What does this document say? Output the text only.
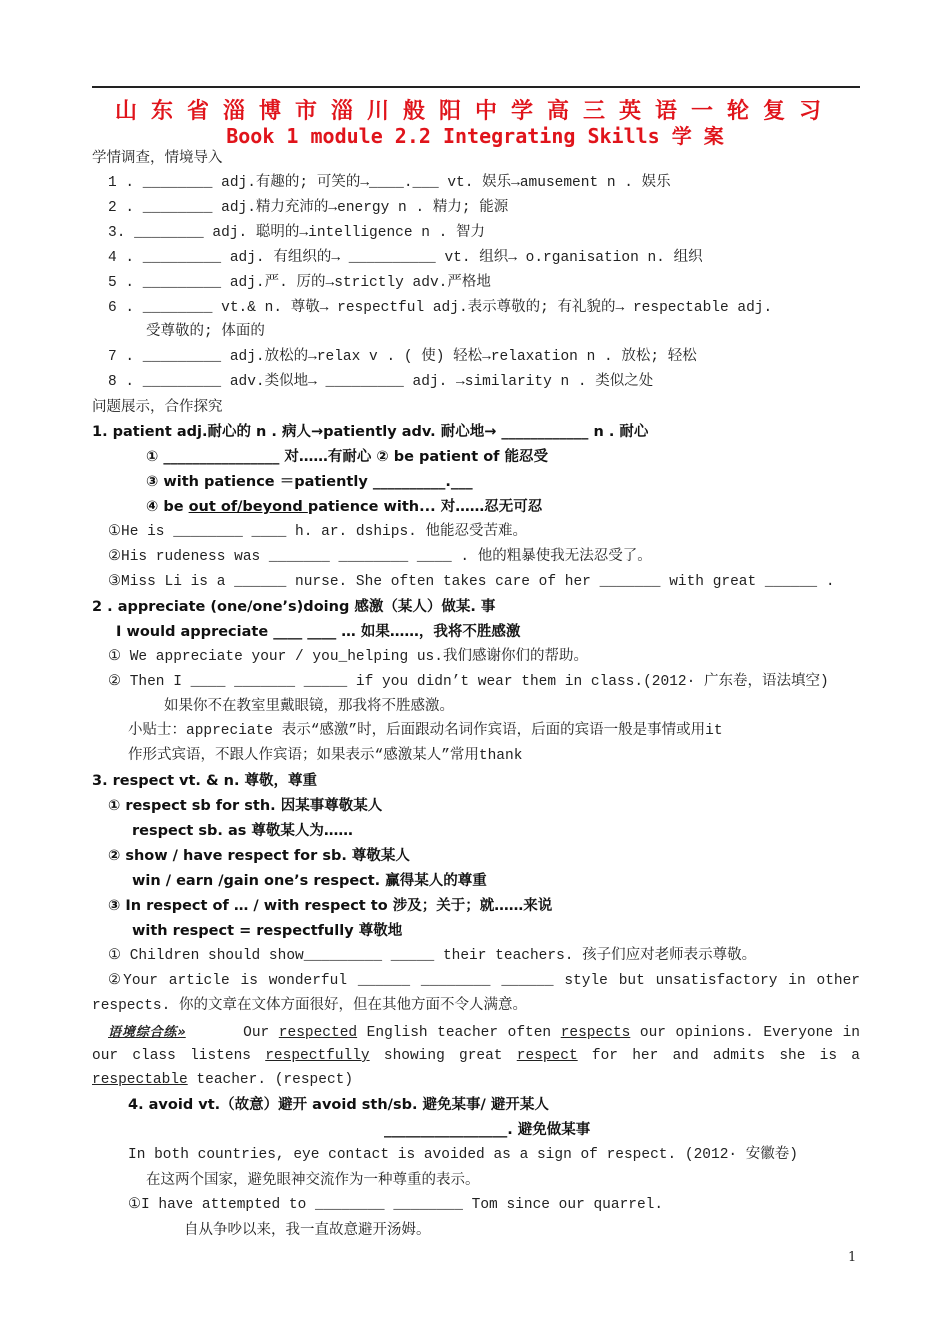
山东省淄博市淄川般阳中学高三英语一轮复习
Book 1 module 2.2 Integrating Skills 学 案
学情调查，情境导入
1 . ________ adj.有趣的; 可笑的→____.___ vt. 娱乐→amusement n . 娱乐
2 . ________ adj.精力充沛的→energy n . 精力; 能源
3. ________ adj. 聪明的→intelligence n . 智力
4 . _________ adj. 有组织的→ __________ vt. 组织→ o.rganisation n. 组织
5 . _________ adj.严. 厉的→strictly adv.严格地
6 . ________ vt.& n. 尊敬→ respectful adj.表示尊敬的; 有礼貌的→ respectable adj.
受尊敬的; 体面的
7 . _________ adj.放松的→relax v . ( 使) 轻松→relaxation n . 放松; 轻松
8 . _________ adv.类似地→ _________ adj. →similarity n . 类似之处
问题展示，合作探究
1. patient adj.耐心的 n . 病人→patiently adv. 耐心地→ ____________ n . 耐心
① ________________ 对……有耐心 ② be patient of 能忍受
③ with patience ＝patiently __________.___
④ be out of/beyond patience with... 对……忍无可忍
①He is ________ ____ h. ar. dships. 他能忍受苦难。
②His rudeness was _______ ________ ____ . 他的粗暴使我无法忍受了。
③Miss Li is a ______ nurse. She often takes care of her _______ with great ______ .
2 . appreciate (one/one’s)doing 感激（某人）做某. 事
I would appreciate ____ ____ … 如果……，我将不胜感激
① We appreciate your / you_helping us.我们感谢你们的帮助。
② Then I ____ _______ _____ if you didn’t wear them in class.(2012· 广东卷，语法填空)
如果你不在教室里戴眼镜，那我将不胜感激。
小贴士：appreciate 表示“感激”时，后面跟动名词作宾语，后面的宾语一般是事情或用it
作形式宾语，不跟人作宾语；如果表示“感激某人”常用thank
3. respect vt. & n. 尊敬，尊重
① respect sb for sth. 因某事尊敬某人
respect sb. as 尊敬某人为……
② show / have respect for sb. 尊敬某人
win / earn /gain one’s respect. 赢得某人的尊重
③ In respect of … / with respect to 涉及；关于；就……来说
with respect = respectfully 尊敬地
① Children should show_________ _____ their teachers. 孩子们应对老师表示尊敬。
②Your article is wonderful ______ ________ ______ style but unsatisfactory in other
respects. 你的文章在文体方面很好，但在其他方面不令人满意。
语境综合练»	Our respected English teacher often respects our opinions. Everyone in
our class listens respectfully showing great respect for her and admits she is a
respectable teacher. (respect)
4. avoid vt.（故意）避开 avoid sth/sb. 避免某事/ 避开某人
_________________. 避免做某事
In both countries, eye contact is avoided as a sign of respect. (2012· 安徽卷)
在这两个国家，避免眼神交流作为一种尊重的表示。
①I have attempted to ________ ________ Tom since our quarrel.
自从争吵以来，我一直故意避开汤姆。
1
